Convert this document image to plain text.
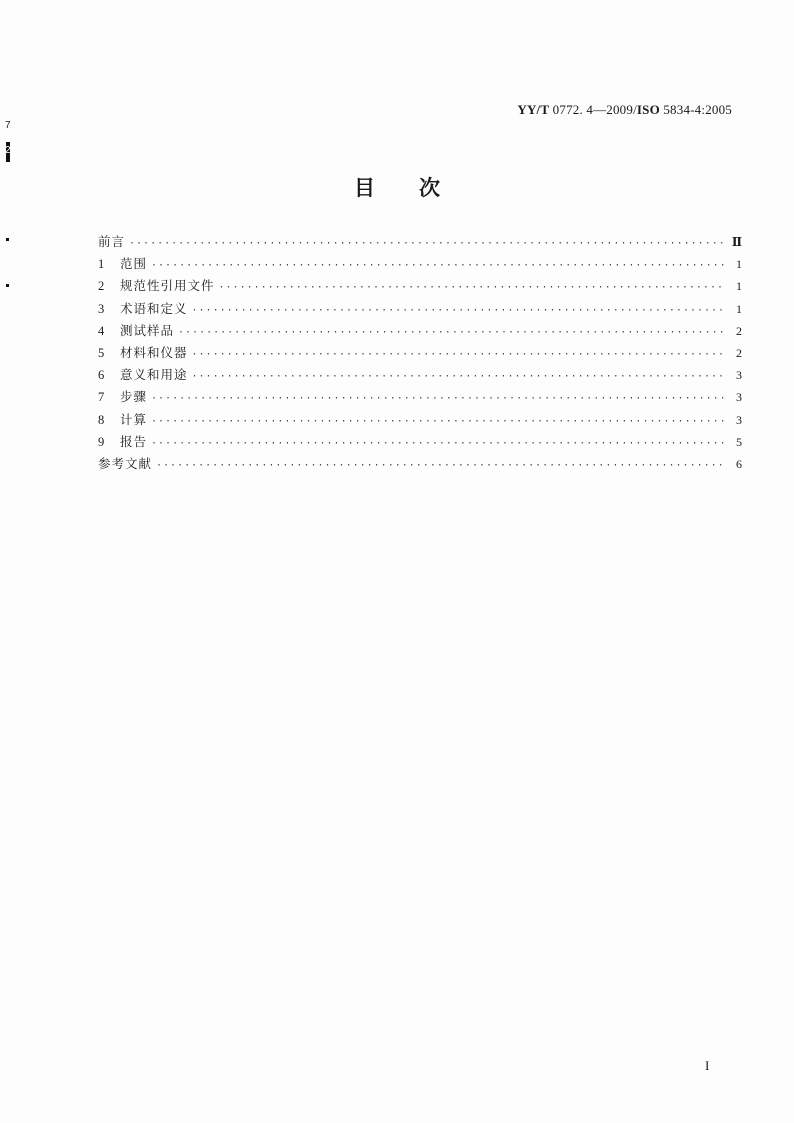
7
2
YY/T 0772. 4—2009/ISO 5834-4:2005
目次
前言 ·····	Ⅱ
1	范围 ·····	1
2	规范性引用文件 ·····	1
3	术语和定义 ·····	1
4	测试样品 ·····	2
5	材料和仪器 ·····	2
6	意义和用途 ·····	3
7	步骤 ·····	3
8	计算 ·····	3
9	报告 ·····	5
参考文献 ·····	6
I
